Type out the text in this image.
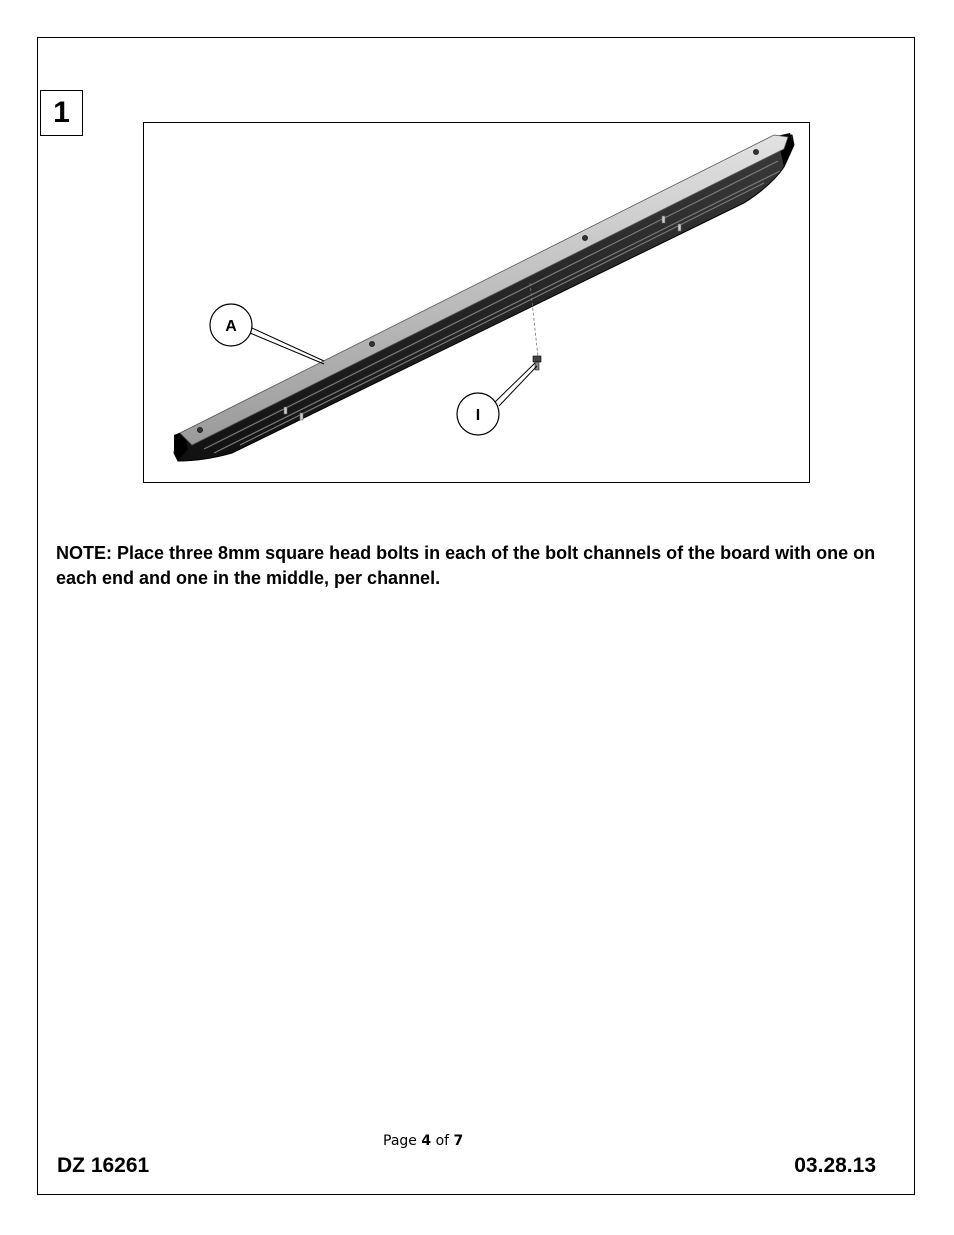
1
A
I
NOTE: Place three 8mm square head bolts in each of the bolt channels of the board with one on each end and one in the middle, per channel.
Page 4 of 7
DZ 16261	03.28.13
